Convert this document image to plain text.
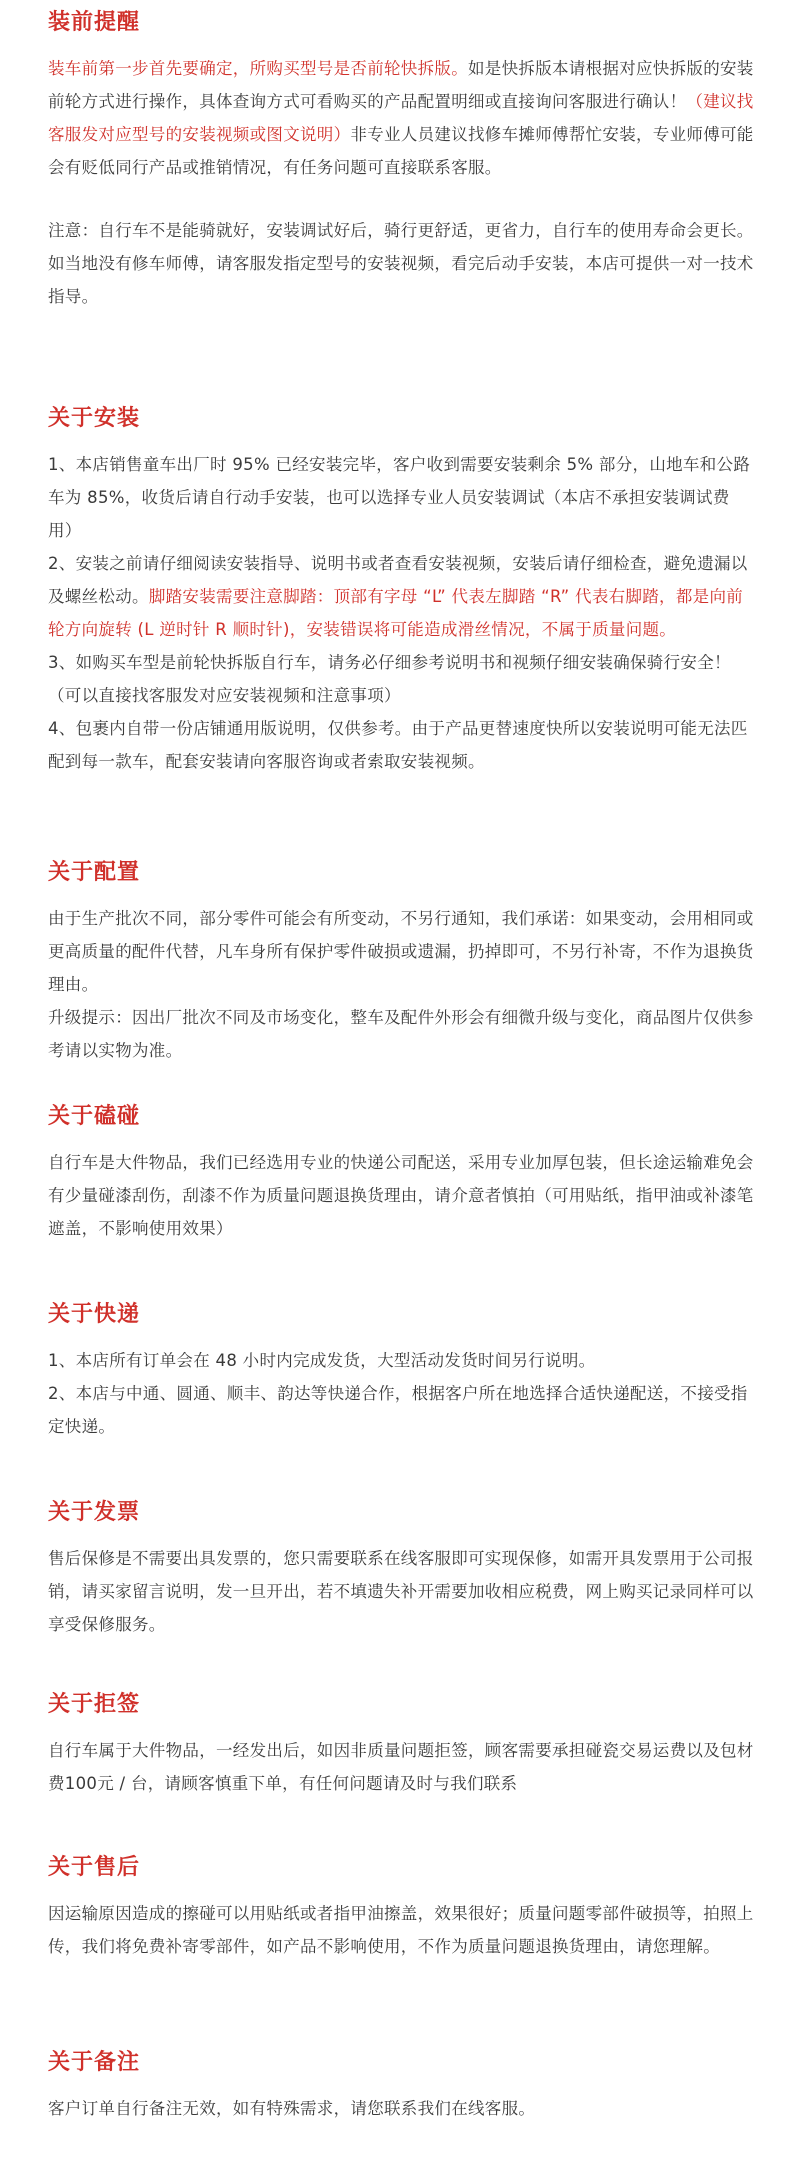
装前提醒

装车前第一步首先要确定，所购买型号是否前轮快拆版。如是快拆版本请根据对应快拆版的安装前轮方式进行操作，具体查询方式可看购买的产品配置明细或直接询问客服进行确认！（建议找客服发对应型号的安装视频或图文说明）非专业人员建议找修车摊师傅帮忙安装，专业师傅可能会有贬低同行产品或推销情况，有任务问题可直接联系客服。

注意：自行车不是能骑就好，安装调试好后，骑行更舒适，更省力，自行车的使用寿命会更长。如当地没有修车师傅，请客服发指定型号的安装视频，看完后动手安装，本店可提供一对一技术指导。

关于安装

1、本店销售童车出厂时 95% 已经安装完毕，客户收到需要安装剩余 5% 部分，山地车和公路车为 85%，收货后请自行动手安装，也可以选择专业人员安装调试（本店不承担安装调试费用）

2、安装之前请仔细阅读安装指导、说明书或者查看安装视频，安装后请仔细检查，避免遗漏以及螺丝松动。脚踏安装需要注意脚踏：顶部有字母 “L” 代表左脚踏 “R” 代表右脚踏，都是向前轮方向旋转 (L 逆时针 R 顺时针)，安装错误将可能造成滑丝情况，不属于质量问题。

3、如购买车型是前轮快拆版自行车，请务必仔细参考说明书和视频仔细安装确保骑行安全！（可以直接找客服发对应安装视频和注意事项）

4、包裹内自带一份店铺通用版说明，仅供参考。由于产品更替速度快所以安装说明可能无法匹配到每一款车，配套安装请向客服咨询或者索取安装视频。

关于配置

由于生产批次不同，部分零件可能会有所变动，不另行通知，我们承诺：如果变动，会用相同或更高质量的配件代替，凡车身所有保护零件破损或遗漏，扔掉即可，不另行补寄，不作为退换货理由。

升级提示：因出厂批次不同及市场变化，整车及配件外形会有细微升级与变化，商品图片仅供参考请以实物为准。

关于磕碰

自行车是大件物品，我们已经选用专业的快递公司配送，采用专业加厚包装，但长途运输难免会有少量碰漆刮伤，刮漆不作为质量问题退换货理由，请介意者慎拍（可用贴纸，指甲油或补漆笔遮盖，不影响使用效果）

关于快递

1、本店所有订单会在 48 小时内完成发货，大型活动发货时间另行说明。

2、本店与中通、圆通、顺丰、韵达等快递合作，根据客户所在地选择合适快递配送，不接受指定快递。

关于发票

售后保修是不需要出具发票的，您只需要联系在线客服即可实现保修，如需开具发票用于公司报销，请买家留言说明，发一旦开出，若不填遗失补开需要加收相应税费，网上购买记录同样可以享受保修服务。

关于拒签

自行车属于大件物品，一经发出后，如因非质量问题拒签，顾客需要承担碰瓷交易运费以及包材费100元 / 台，请顾客慎重下单，有任何问题请及时与我们联系

关于售后

因运输原因造成的擦碰可以用贴纸或者指甲油擦盖，效果很好；质量问题零部件破损等，拍照上传，我们将免费补寄零部件，如产品不影响使用，不作为质量问题退换货理由，请您理解。

关于备注

客户订单自行备注无效，如有特殊需求，请您联系我们在线客服。
